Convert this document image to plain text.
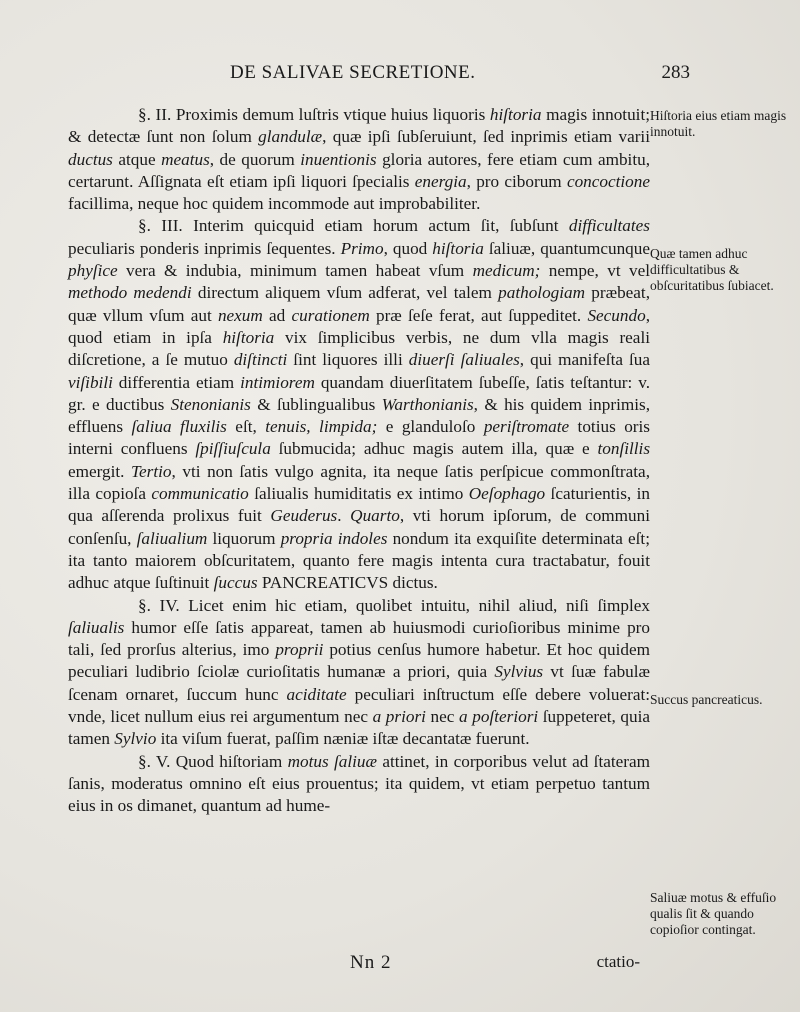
DE SALIVAE SECRETIONE.	283

§. II. Proximis demum luſtris vtique huius liquoris hiſtoria magis innotuit; & detectæ ſunt non ſolum glandulæ, quæ ipſi ſubſeruiunt, ſed inprimis etiam varii ductus atque meatus, de quorum inuentionis gloria autores, fere etiam cum ambitu, certarunt. Aſſignata eſt etiam ipſi liquori ſpecialis energia, pro ciborum concoctione facillima, neque hoc quidem incommode aut improbabiliter.

§. III. Interim quicquid etiam horum actum ſit, ſubſunt difficultates peculiaris ponderis inprimis ſequentes. Primo, quod hiſtoria ſaliuæ, quantumcunque phyſice vera & indubia, minimum tamen habeat vſum medicum; nempe, vt vel methodo medendi directum aliquem vſum adferat, vel talem pathologiam præbeat, quæ vllum vſum aut nexum ad curationem præ ſeſe ferat, aut ſuppeditet. Secundo, quod etiam in ipſa hiſtoria vix ſimplicibus verbis, ne dum vlla magis reali diſcretione, a ſe mutuo diſtincti ſint liquores illi diuerſi ſaliuales, qui manifeſta ſua viſibili differentia etiam intimiorem quandam diuerſitatem ſubeſſe, ſatis teſtantur: v. gr. e ductibus Stenonianis & ſublingualibus Warthonianis, & his quidem inprimis, effluens ſaliua fluxilis eſt, tenuis, limpida; e glanduloſo periſtromate totius oris interni confluens ſpiſſiuſcula ſubmucida; adhuc magis autem illa, quæ e tonſillis emergit. Tertio, vti non ſatis vulgo agnita, ita neque ſatis perſpicue commonſtrata, illa copioſa communicatio ſaliualis humiditatis ex intimo Oeſophago ſcaturientis, in qua aſſerenda prolixus fuit Geuderus. Quarto, vti horum ipſorum, de communi conſenſu, ſaliualium liquorum propria indoles nondum ita exquiſite determinata eſt; ita tanto maiorem obſcuritatem, quanto fere magis intenta cura tractabatur, fouit adhuc atque ſuſtinuit ſuccus PANCREATICVS dictus.

§. IV. Licet enim hic etiam, quolibet intuitu, nihil aliud, niſi ſimplex ſaliualis humor eſſe ſatis appareat, tamen ab huiusmodi curioſioribus minime pro tali, ſed prorſus alterius, imo proprii potius cenſus humore habetur. Et hoc quidem peculiari ludibrio ſciolæ curioſitatis humanæ a priori, quia Sylvius vt ſuæ fabulæ ſcenam ornaret, ſuccum hunc aciditate peculiari inſtructum eſſe debere voluerat: vnde, licet nullum eius rei argumentum nec a priori nec a poſteriori ſuppeteret, quia tamen Sylvio ita viſum fuerat, paſſim næniæ iſtæ decantatæ fuerunt.

§. V. Quod hiſtoriam motus ſaliuæ attinet, in corporibus velut ad ſtateram ſanis, moderatus omnino eſt eius prouentus; ita quidem, vt etiam perpetuo tantum eius in os dimanet, quantum ad hume-

Hiſtoria eius etiam magis innotuit.
Quæ tamen adhuc difficultatibus & obſcuritatibus ſubiacet.
Succus pancreaticus.
Saliuæ motus & effuſio qualis ſit & quando copioſior contingat.
Nn 2	ctatio-
